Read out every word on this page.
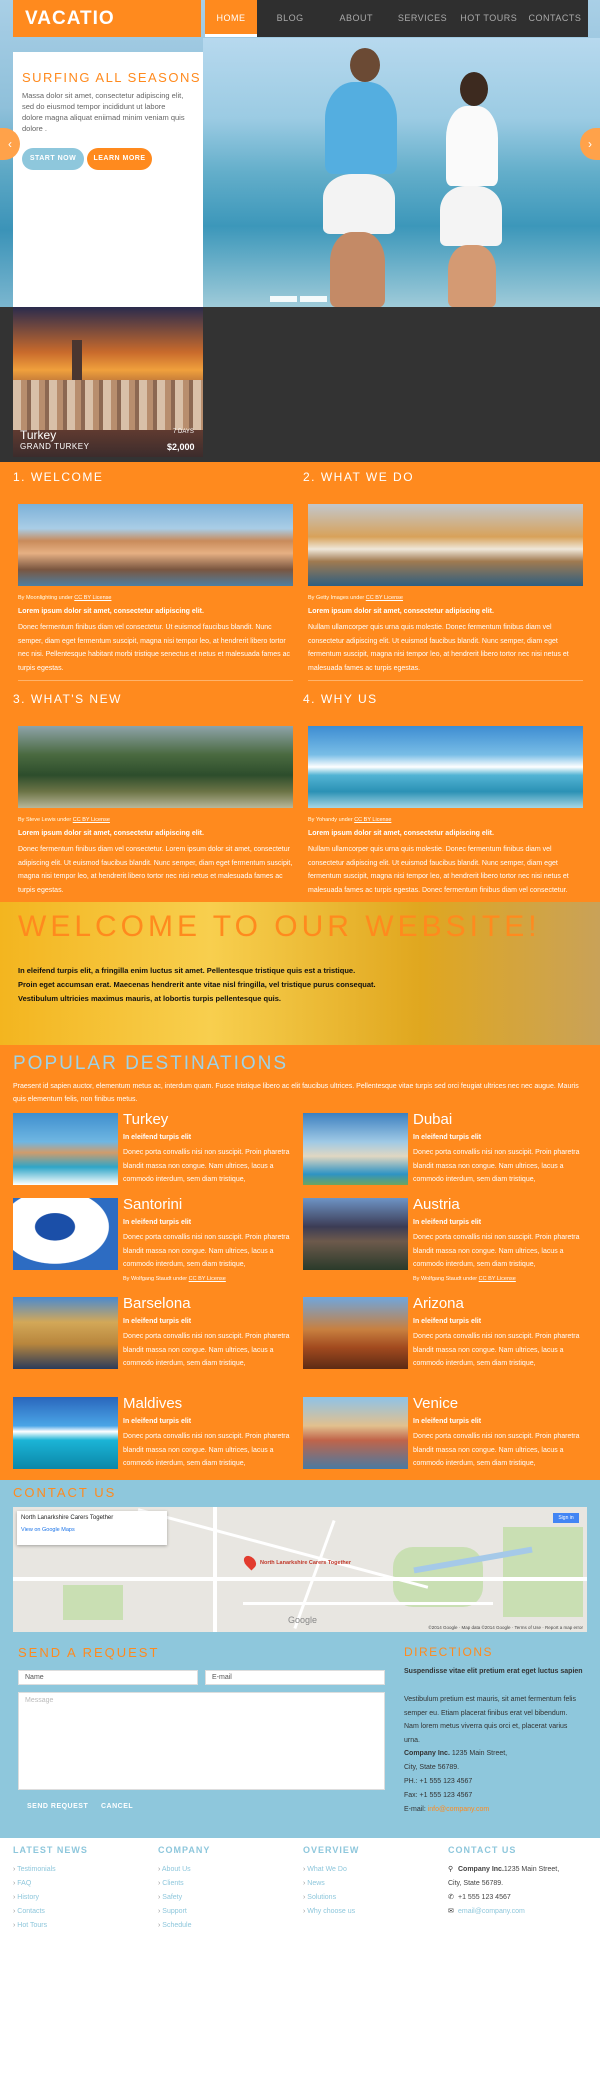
VACATIO	HOME	BLOG	ABOUT	SERVICES	HOT TOURS	CONTACTS
SURFING ALL SEASONS
Massa dolor sit amet, consectetur adipiscing elit, sed do eiusmod tempor incididunt ut labore dolore magna aliquat eniimad minim veniam quis dolore .
START NOW	LEARN MORE
‹	›
Turkey
GRAND TURKEY
7 DAYS
$2,000
1. WELCOME
By Moonlighting under CC BY License
Lorem ipsum dolor sit amet, consectetur adipiscing elit.
Donec fermentum finibus diam vel consectetur. Ut euismod faucibus blandit. Nunc semper, diam eget fermentum suscipit, magna nisi tempor leo, at hendrerit libero tortor nec nisi. Pellentesque habitant morbi tristique senectus et netus et malesuada fames ac turpis egestas.
2. WHAT WE DO
By Getty Images under CC BY License
Lorem ipsum dolor sit amet, consectetur adipiscing elit.
Nullam ullamcorper quis urna quis molestie. Donec fermentum finibus diam vel consectetur adipiscing elit. Ut euismod faucibus blandit. Nunc semper, diam eget fermentum suscipit, magna nisi tempor leo, at hendrerit libero tortor nec nisi netus et malesuada fames ac turpis egestas.
3. WHAT'S NEW
By Steve Lewis under CC BY License
Lorem ipsum dolor sit amet, consectetur adipiscing elit.
Donec fermentum finibus diam vel consectetur. Lorem ipsum dolor sit amet, consectetur adipiscing elit. Ut euismod faucibus blandit. Nunc semper, diam eget fermentum suscipit, magna nisi tempor leo, at hendrerit libero tortor nec nisi netus et malesuada fames ac turpis egestas.
4. WHY US
By Yohandy under CC BY License
Lorem ipsum dolor sit amet, consectetur adipiscing elit.
Nullam ullamcorper quis urna quis molestie. Donec fermentum finibus diam vel consectetur adipiscing elit. Ut euismod faucibus blandit. Nunc semper, diam eget fermentum suscipit, magna nisi tempor leo, at hendrerit libero tortor nec nisi netus et malesuada fames ac turpis egestas. Donec fermentum finibus diam vel consectetur.
WELCOME TO OUR WEBSITE!

In eleifend turpis elit, a fringilla enim luctus sit amet. Pellentesque tristique quis est a tristique.

Proin eget accumsan erat. Maecenas hendrerit ante vitae nisl fringilla, vel tristique purus consequat.

Vestibulum ultricies maximus mauris, at lobortis turpis pellentesque quis.

POPULAR DESTINATIONS
Praesent id sapien auctor, elementum metus ac, interdum quam. Fusce tristique libero ac elit faucibus ultrices. Pellentesque vitae turpis sed orci feugiat ultrices nec nec augue. Mauris quis elementum felis, non finibus metus.
Turkey
In eleifend turpis elit
Donec porta convallis nisi non suscipit. Proin pharetra blandit massa non congue. Nam ultrices, lacus a commodo interdum, sem diam tristique,
Dubai
In eleifend turpis elit
Donec porta convallis nisi non suscipit. Proin pharetra blandit massa non congue. Nam ultrices, lacus a commodo interdum, sem diam tristique,
Santorini
In eleifend turpis elit
Donec porta convallis nisi non suscipit. Proin pharetra blandit massa non congue. Nam ultrices, lacus a commodo interdum, sem diam tristique,
By Wolfgang Staudt under CC BY License
Austria
In eleifend turpis elit
Donec porta convallis nisi non suscipit. Proin pharetra blandit massa non congue. Nam ultrices, lacus a commodo interdum, sem diam tristique,
By Wolfgang Staudt under CC BY License
Barselona
In eleifend turpis elit
Donec porta convallis nisi non suscipit. Proin pharetra blandit massa non congue. Nam ultrices, lacus a commodo interdum, sem diam tristique,
Arizona
In eleifend turpis elit
Donec porta convallis nisi non suscipit. Proin pharetra blandit massa non congue. Nam ultrices, lacus a commodo interdum, sem diam tristique,
Maldives
In eleifend turpis elit
Donec porta convallis nisi non suscipit. Proin pharetra blandit massa non congue. Nam ultrices, lacus a commodo interdum, sem diam tristique,
Venice
In eleifend turpis elit
Donec porta convallis nisi non suscipit. Proin pharetra blandit massa non congue. Nam ultrices, lacus a commodo interdum, sem diam tristique,
CONTACT US
North Lanarkshire Carers Together
View on Google Maps
North Lanarkshire Carers Together
Sign in
Google
©2014 Google · Map data ©2014 Google · Terms of Use · Report a map error
SEND A REQUEST
Name	E-mail
Message
SEND REQUEST CANCEL
DIRECTIONS

Suspendisse vitae elit pretium erat eget luctus sapien

Vestibulum pretium est mauris, sit amet fermentum felis semper eu. Etiam placerat finibus erat vel bibendum. Nam lorem metus viverra quis orci et, placerat varius urna.

Company Inc. 1235 Main Street,

City, State 56789.

PH.: +1 555 123 4567

Fax: +1 555 123 4567

E-mail: info@company.com

LATEST NEWS
› Testimonials
› FAQ
› History
› Contacts
› Hot Tours
COMPANY
› About Us
› Clients
› Safety
› Support
› Schedule
OVERVIEW
› What We Do
› News
› Solutions
› Why choose us
CONTACT US
⚲ Company Inc.1235 Main Street,
City, State 56789.
✆ +1 555 123 4567
✉ email@company.com
